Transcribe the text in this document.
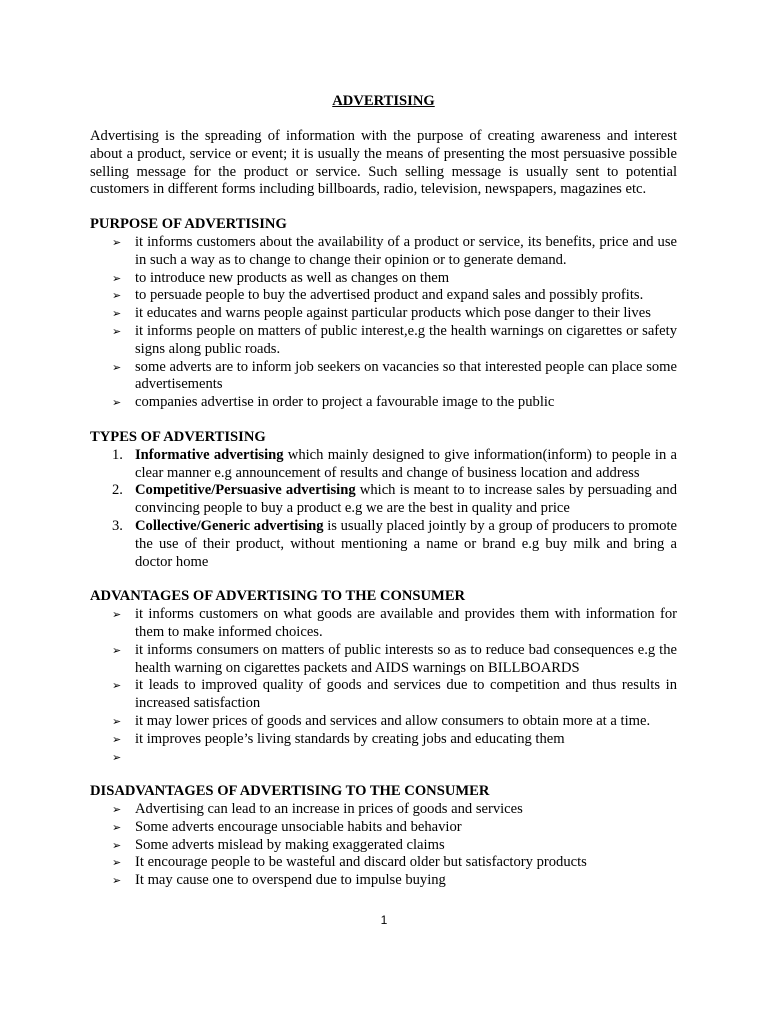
ADVERTISING

Advertising is the spreading of information with the purpose of creating awareness and interest about a product, service or event; it is usually the means of presenting the most persuasive possible selling message for the product or service. Such selling message is usually sent to potential customers in different forms including billboards, radio, television, newspapers, magazines etc.

PURPOSE OF ADVERTISING
➢ it informs customers about the availability of a product or service, its benefits, price and use in such a way as to change to change their opinion or to generate demand.
➢ to introduce new products as well as changes on them
➢ to persuade people to buy the advertised product and expand sales and possibly profits.
➢ it educates and warns people against particular products which pose danger to their lives
➢ it informs people on matters of public interest,e.g the health warnings on cigarettes or safety signs along public roads.
➢ some adverts are to inform job seekers on vacancies so that interested people can place some advertisements
➢ companies advertise in order to project a favourable image to the public
TYPES OF ADVERTISING
1. Informative advertising which mainly designed to give information(inform) to people in a clear manner e.g announcement of results and change of business location and address
2. Competitive/Persuasive advertising which is meant to to increase sales by persuading and convincing people to buy a product e.g we are the best in quality and price
3. Collective/Generic advertising is usually placed jointly by a group of producers to promote the use of their product, without mentioning a name or brand e.g buy milk and bring a doctor home
ADVANTAGES OF ADVERTISING TO THE CONSUMER
➢ it informs customers on what goods are available and provides them with information for them to make informed choices.
➢ it informs consumers on matters of public interests so as to reduce bad consequences e.g the health warning on cigarettes packets and AIDS warnings on BILLBOARDS
➢ it leads to improved quality of goods and services due to competition and thus results in increased satisfaction
➢ it may lower prices of goods and services and allow consumers to obtain more at a time.
➢ it improves people’s living standards by creating jobs and educating them
➢
DISADVANTAGES OF ADVERTISING TO THE CONSUMER
➢ Advertising can lead to an increase in prices of goods and services
➢ Some adverts encourage unsociable habits and behavior
➢ Some adverts mislead by making exaggerated claims
➢ It encourage people to be wasteful and discard older but satisfactory products
➢ It may cause one to overspend due to impulse buying
1
